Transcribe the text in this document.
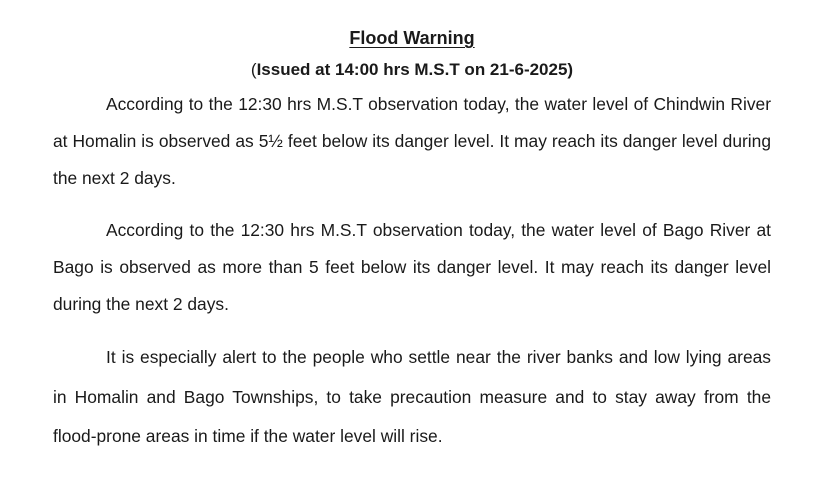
Flood Warning

(Issued at 14:00 hrs M.S.T on 21-6-2025)

According to the 12:30 hrs M.S.T observation today, the water level of Chindwin River at Homalin is observed as 5½ feet below its danger level. It may reach its danger level during the next 2 days.

According to the 12:30 hrs M.S.T observation today, the water level of Bago River at Bago is observed as more than 5 feet below its danger level. It may reach its danger level during the next 2 days.

It is especially alert to the people who settle near the river banks and low lying areas in Homalin and Bago Townships, to take precaution measure and to stay away from the flood-prone areas in time if the water level will rise.
